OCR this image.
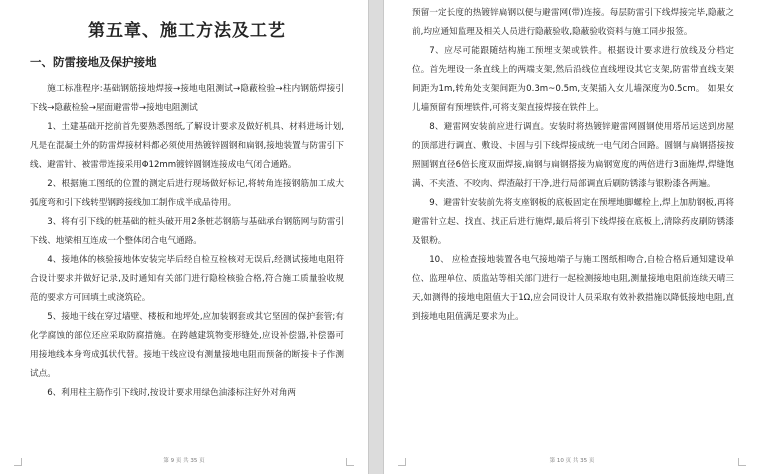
第五章、施工方法及工艺
一、防雷接地及保护接地

施工标准程序:基础钢筋接地焊接→接地电阻测试→隐蔽检验→柱内钢筋焊接引下线→隐蔽检验→屋面避雷带→接地电阻测试

1、土建基础开挖前首先要熟悉图纸,了解设计要求及做好机具、材料进场计划,凡是在混凝土外的防雷焊接材料都必须使用热镀锌圆钢和扁钢,接地装置与防雷引下线、避雷针、被雷带连接采用Φ12mm镀锌圆钢连接成电气闭合通路。

2、根据施工图纸的位置的测定后进行现场做好标记,将转角连接钢筋加工成大弧度弯和引下线转型钢跨接线加工制作成半成品待用。

3、将有引下线的桩基础的桩头破开用2条桩芯钢筋与基础承台钢筋网与防雷引下线、地梁相互连成一个整体闭合电气通路。

4、接地体的核验接地体安装完毕后经自检互检核对无误后,经测试接地电阻符合设计要求并做好记录,及时通知有关部门进行隐检核验合格,符合施工质量验收规范的要求方可回填土或浇筑砼。

5、接地干线在穿过墙壁、楼板和地坪处,应加装钢套或其它坚固的保护套管;有化学腐蚀的部位还应采取防腐措施。在跨越建筑物变形缝处,应设补偿器,补偿器可用接地线本身弯成弧状代替。接地干线应设有测量接地电阻而预备的断接卡子作测试点。

6、利用柱主筋作引下线时,按设计要求用绿色油漆标注好外对角两

第 9 页 共 35 页

预留一定长度的热镀锌扁钢以便与避雷网(带)连接。每层防雷引下线焊接完毕,隐蔽之前,均应通知监理及相关人员进行隐蔽验收,隐蔽验收资料与施工同步报签。

7、应尽可能跟随结构施工预埋支架或铁件。根据设计要求进行放线及分档定位。首先埋设一条直线上的两端支架,然后沿线位直线埋设其它支架,防雷带直线支架间距为1m,转角处支架间距为0.3m~0.5m,支架插入女儿墙深度为0.5cm。 如果女儿墙预留有预埋铁件,可将支架直接焊接在铁件上。

8、避雷网安装前应进行调直。安装时将热镀锌避雷网圆钢使用塔吊运送到房屋的顶部进行调直、敷设、卡固与引下线焊接成统一电气闭合回路。圆钢与扁钢搭接按照圆钢直径6倍长度双面焊接,扁钢与扁钢搭接为扁钢宽度的两倍进行3面施焊,焊缝饱满、不夹渣、不咬肉、焊渣敲打干净,进行局部调直后刷防锈漆与银粉漆各两遍。

9、避雷针安装前先将支座钢板的底板固定在预埋地脚螺栓上,焊上加肋钢板,再将避雷针立起、找直、找正后进行施焊,最后将引下线焊接在底板上,清除药皮刷防锈漆及银粉。

10、 应检查接地装置各电气接地端子与施工图纸相吻合,自检合格后通知建设单位、监理单位、质监站等相关部门进行一起检测接地电阻,测量接地电阻前连续天晴三天,如测得的接地电阻值大于1Ω,应会同设计人员采取有效补救措施以降低接地电阻,直到接地电阻值满足要求为止。

第 10 页 共 35 页
